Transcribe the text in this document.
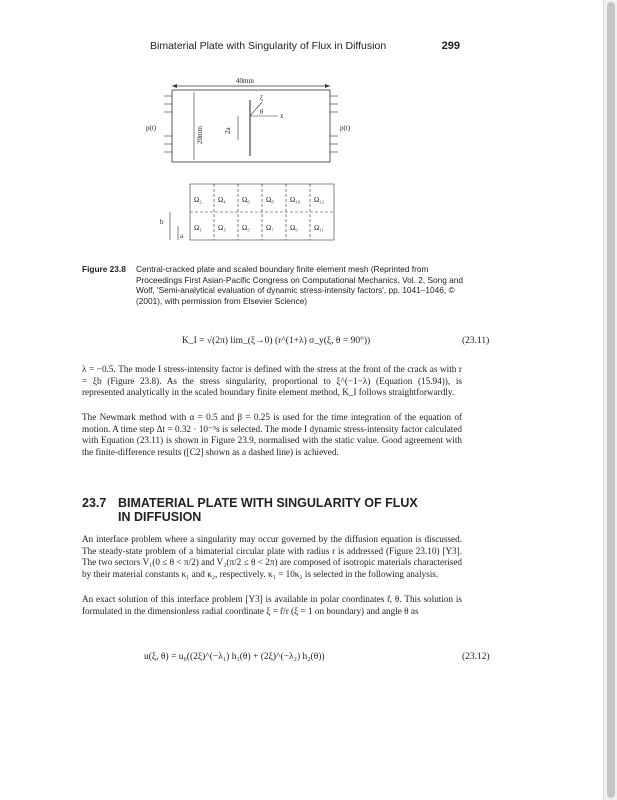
Bimaterial Plate with Singularity of Flux in Diffusion	299
40mm
p(t)	p(t)
20mm	2a
ξ
θ x
Ω₂ Ω₄ Ω₆ Ω₈ Ω₁₀ Ω₁₂
Ω₁ Ω₃ Ω₅ Ω₇ Ω₉ Ω₁₁
b
a
Figure 23.8 Central-cracked plate and scaled boundary finite element mesh (Reprinted from Proceedings First Asian-Pacific Congress on Computational Mechanics, Vol. 2, Song and Wolf, 'Semi-analytical evaluation of dynamic stress-intensity factors', pp. 1041–1046, © (2001), with permission from Elsevier Science)
K_I = √(2π) lim_(ξ→0) (r^(1+λ) σ_y(ξ, θ = 90°))	(23.11)
λ = −0.5. The mode I stress-intensity factor is defined with the stress at the front of the crack as with r = ξb (Figure 23.8). As the stress singularity, proportional to ξ^(−1−λ) (Equation (15.94)), is represented analytically in the scaled boundary finite element method, K_I follows straightforwardly.
The Newmark method with α = 0.5 and β = 0.25 is used for the time integration of the equation of motion. A time step Δt = 0.32 · 10⁻⁵s is selected. The mode I dynamic stress-intensity factor calculated with Equation (23.11) is shown in Figure 23.9, normalised with the static value. Good agreement with the finite-difference results ([C2] shown as a dashed line) is achieved.
23.7 BIMATERIAL PLATE WITH SINGULARITY OF FLUX IN DIFFUSION
An interface problem where a singularity may occur governed by the diffusion equation is discussed. The steady-state problem of a bimaterial circular plate with radius r is addressed (Figure 23.10) [Y3]. The two sectors V₁(0 ≤ θ < π/2) and V₂(π/2 ≤ θ < 2π) are composed of isotropic materials characterised by their material constants κ₁ and κ₂, respectively. κ₁ = 10κ₂ is selected in the following analysis.
An exact solution of this interface problem [Y3] is available in polar coordinates r̂, θ. This solution is formulated in the dimensionless radial coordinate ξ = r̂/r (ξ = 1 on boundary) and angle θ as
u(ξ, θ) = u₀((2ξ)^(−λ₁) h₁(θ) + (2ξ)^(−λ₂) h₂(θ))	(23.12)
